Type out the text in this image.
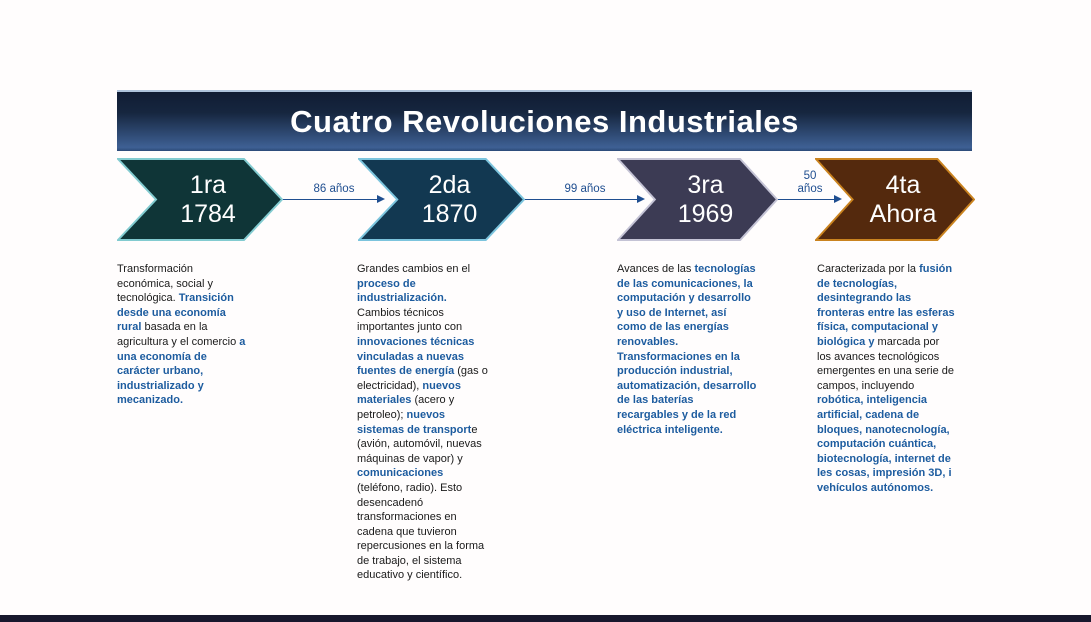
Cuatro Revoluciones Industriales
86 años	99 años
50 años
1ra
1784
2da
1870
3ra
1969
4ta
Ahora
Transformación económica, social y tecnológica. Transición desde una economía rural basada en la agricultura y el comercio a una economía de carácter urbano, industrializado y mecanizado.
Grandes cambios en el proceso de industrialización. Cambios técnicos importantes junto con innovaciones técnicas vinculadas a nuevas fuentes de energía (gas o electricidad), nuevos materiales (acero y petroleo); nuevos sistemas de transporte (avión, automóvil, nuevas máquinas de vapor) y comunicaciones (teléfono, radio). Esto desencadenó transformaciones en cadena que tuvieron repercusiones en la forma de trabajo, el sistema educativo y científico.
Avances de las tecnologías de las comunicaciones, la computación y desarrollo y uso de Internet, así como de las energías renovables. Transformaciones en la producción industrial, automatización, desarrollo de las baterías recargables y de la red eléctrica inteligente.
Caracterizada por la fusión de tecnologías, desintegrando las fronteras entre las esferas física, computacional y biológica y marcada por los avances tecnológicos emergentes en una serie de campos, incluyendo robótica, inteligencia artificial, cadena de bloques, nanotecnología, computación cuántica, biotecnología, internet de les cosas, impresión 3D, i vehículos autónomos.
